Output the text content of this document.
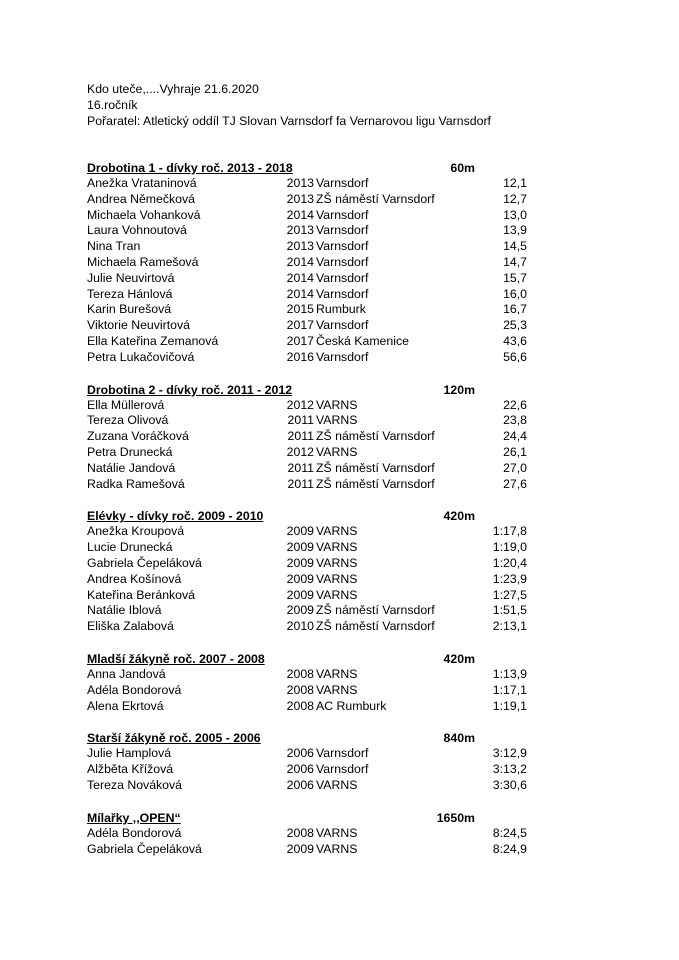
Kdo uteče,....Vyhraje 21.6.2020
16.ročník
Pořaratel: Atletický oddíl TJ Slovan Varnsdorf fa Vernarovou ligu Varnsdorf
Drobotina 1 - dívky roč. 2013 - 2018	60m
Anežka Vrataninová	2013 Varnsdorf	12,1
Andrea Němečková	2013 ZŠ náměstí Varnsdorf	12,7
Michaela Vohanková	2014 Varnsdorf	13,0
Laura Vohnoutová	2013 Varnsdorf	13,9
Nina Tran	2013 Varnsdorf	14,5
Michaela Ramešová	2014 Varnsdorf	14,7
Julie Neuvirtová	2014 Varnsdorf	15,7
Tereza Hánlová	2014 Varnsdorf	16,0
Karin Burešová	2015 Rumburk	16,7
Viktorie Neuvirtová	2017 Varnsdorf	25,3
Ella Kateřina Zemanová	2017 Česká Kamenice	43,6
Petra Lukačovičová	2016 Varnsdorf	56,6
Drobotina 2 - dívky roč. 2011 - 2012	120m
Ella Müllerová	2012 VARNS	22,6
Tereza Olivová	2011 VARNS	23,8
Zuzana Voráčková	2011 ZŠ náměstí Varnsdorf	24,4
Petra Drunecká	2012 VARNS	26,1
Natálie Jandová	2011 ZŠ náměstí Varnsdorf	27,0
Radka Ramešová	2011 ZŠ náměstí Varnsdorf	27,6
Elévky - dívky roč. 2009 - 2010	420m
Anežka Kroupová	2009 VARNS	1:17,8
Lucie Drunecká	2009 VARNS	1:19,0
Gabriela Čepeláková	2009 VARNS	1:20,4
Andrea Košínová	2009 VARNS	1:23,9
Kateřina Beránková	2009 VARNS	1:27,5
Natálie Iblová	2009 ZŠ náměstí Varnsdorf	1:51,5
Eliška Zalabová	2010 ZŠ náměstí Varnsdorf	2:13,1
Mladší žákyně roč. 2007 - 2008	420m
Anna Jandová	2008 VARNS	1:13,9
Adéla Bondorová	2008 VARNS	1:17,1
Alena Ekrtová	2008 AC Rumburk	1:19,1
Starší žákyně roč. 2005 - 2006	840m
Julie Hamplová	2006 Varnsdorf	3:12,9
Alžběta Křížová	2006 Varnsdorf	3:13,2
Tereza Nováková	2006 VARNS	3:30,6
Mílařky ,,OPEN“	1650m
Adéla Bondorová	2008 VARNS	8:24,5
Gabriela Čepeláková	2009 VARNS	8:24,9
